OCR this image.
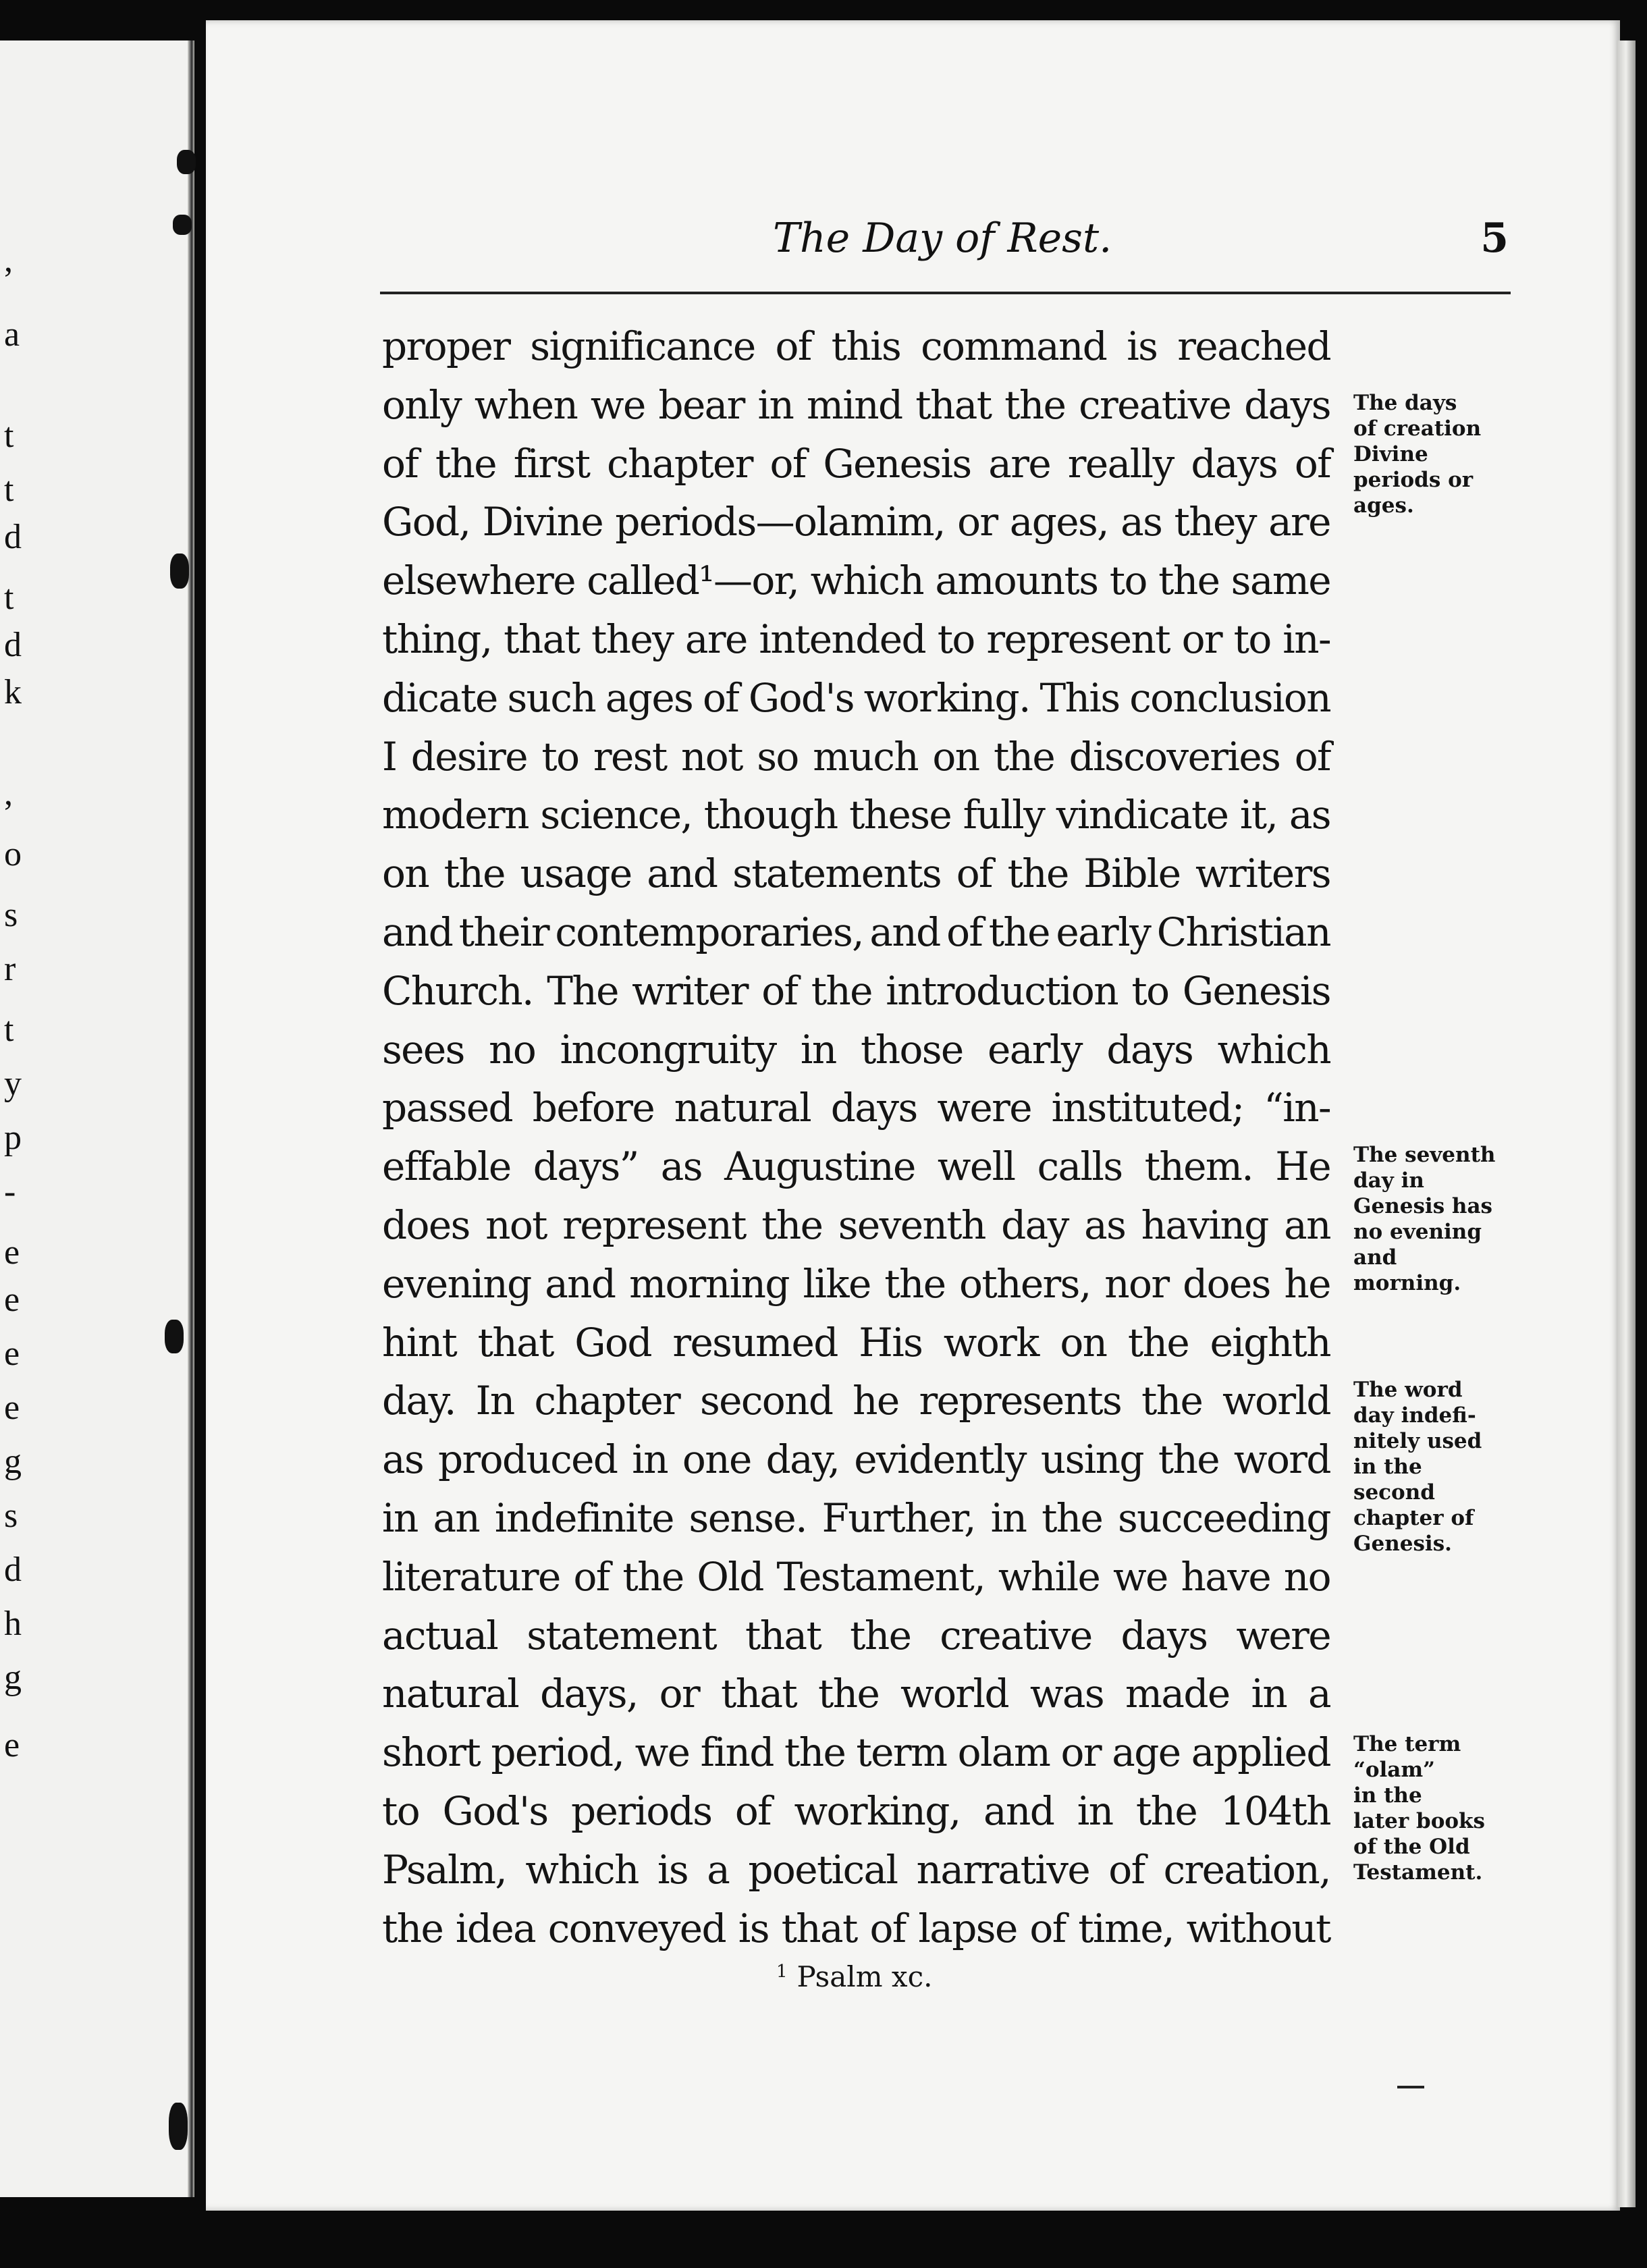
,
a
t
t
d
t
d
k
,
o
s
r
t
y
p
-
e
e
e
e
g
s
d
h
g
e
The Day of Rest.	5
proper significance of this command is reached
only when we bear in mind that the creative days
of the first chapter of Genesis are really days of
God, Divine periods—olamim, or ages, as they are
elsewhere called¹—or, which amounts to the same
thing, that they are intended to represent or to in-
dicate such ages of God's working. This conclusion
I desire to rest not so much on the discoveries of
modern science, though these fully vindicate it, as
on the usage and statements of the Bible writers
and their contemporaries, and of the early Christian
Church. The writer of the introduction to Genesis
sees no incongruity in those early days which
passed before natural days were instituted; “in-
effable days” as Augustine well calls them. He
does not represent the seventh day as having an
evening and morning like the others, nor does he
hint that God resumed His work on the eighth
day. In chapter second he represents the world
as produced in one day, evidently using the word
in an indefinite sense. Further, in the succeeding
literature of the Old Testament, while we have no
actual statement that the creative days were
natural days, or that the world was made in a
short period, we find the term olam or age applied
to God's periods of working, and in the 104th
Psalm, which is a poetical narrative of creation,
the idea conveyed is that of lapse of time, without
$^1$ Psalm xc.
The days
of creation
Divine
periods or
ages.
The seventh
day in
Genesis has
no evening
and
morning.
The word
day indefi-
nitely used
in the
second
chapter of
Genesis.
The term
“olam”
in the
later books
of the Old
Testament.
